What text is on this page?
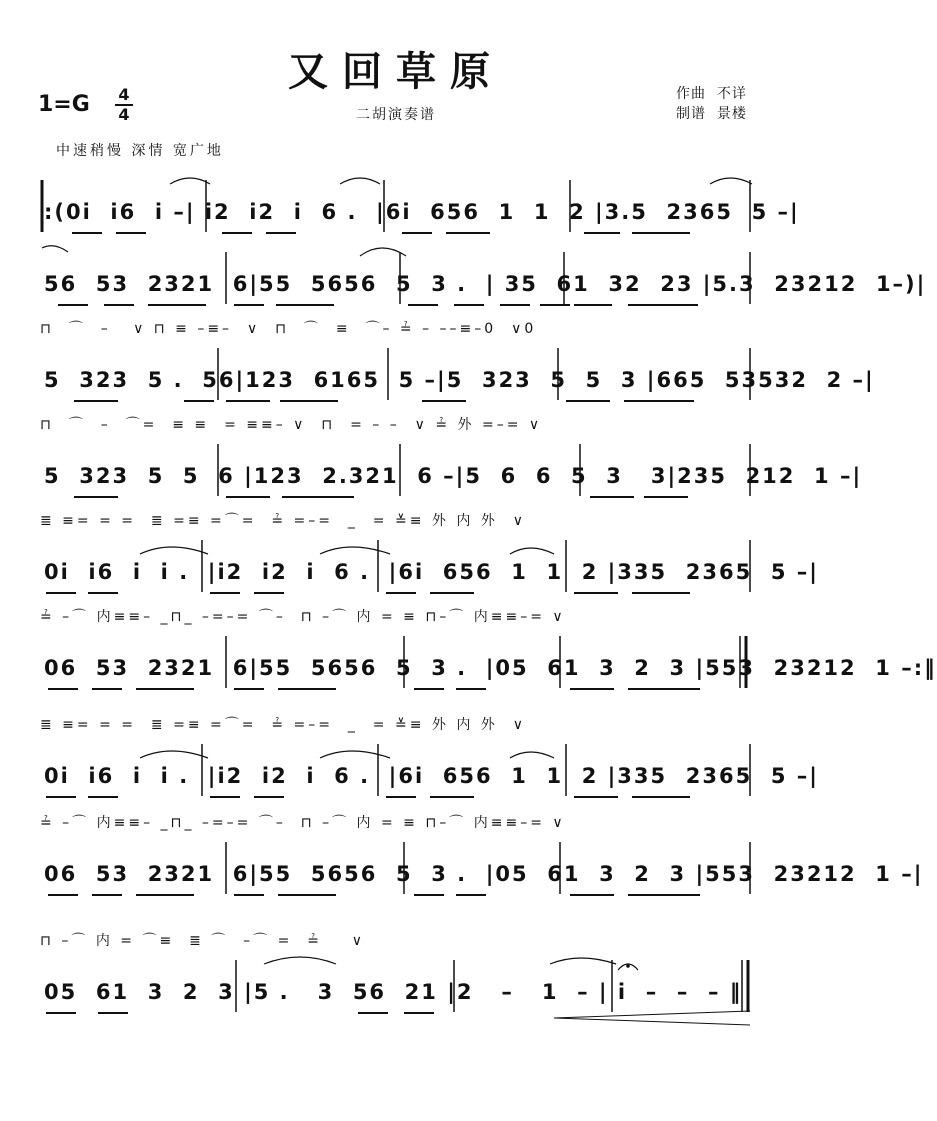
又回草原
二胡演奏谱
1=G	4
4
作曲 不详
制谱 景楼
中速稍慢 深情 宽广地
:(0i  i6  i –| i2  i2  i  6 .  |6i  656  1  1  2 |3.5  2365  5 –|
56  53  2321  6|55  5656  5  3 .  | 35  61  32  23 |5.3  23212  1–)|
⊓  ⌒  –   ∨ ⊓ ≡ –≡–  ∨  ⊓  ⌒  ≡  ⌒– ≟ – ––≡–0  ∨0
5  323  5 .  56|123  6165  5 –|5  323  5  5  3 |665  53532  2 –|
⊓  ⌒  –  ⌒=  ≡ ≡  = ≡≡– ∨  ⊓  = – –  ∨ ≟ 外 =–= ∨
5  323  5  5  6 |123  2.321  6 –|5  6  6  5  3   3|235  212  1 –|
≣ ≡= = =  ≣ =≡ =⌒=  ≟ =–=  _  = ≚≡ 外 内 外  ∨
0i  i6  i  i .  |i2  i2  i  6 .  |6i  656  1  1  2 |335  2365  5 –|
≟ –⌒ 内≡≡– _⊓_ –=–= ⌒–  ⊓ –⌒ 内 = ≡ ⊓–⌒ 内≡≡–= ∨
06  53  2321  6|55  5656  5  3 .  |05  61  3  2  3 |553  23212  1 –:‖
≣ ≡= = =  ≣ =≡ =⌒=  ≟ =–=  _  = ≚≡ 外 内 外  ∨
0i  i6  i  i .  |i2  i2  i  6 .  |6i  656  1  1  2 |335  2365  5 –|
≟ –⌒ 内≡≡– _⊓_ –=–= ⌒–  ⊓ –⌒ 内 = ≡ ⊓–⌒ 内≡≡–= ∨
06  53  2321  6|55  5656  5  3 .  |05  61  3  2  3 |553  23212  1 –|
⊓ –⌒ 内 = ⌒≡  ≣ ⌒  –⌒ =  ≟    ∨
05  61  3  2  3 |5 .   3  56  21 |2   –   1  – | i  –  –  – ‖
